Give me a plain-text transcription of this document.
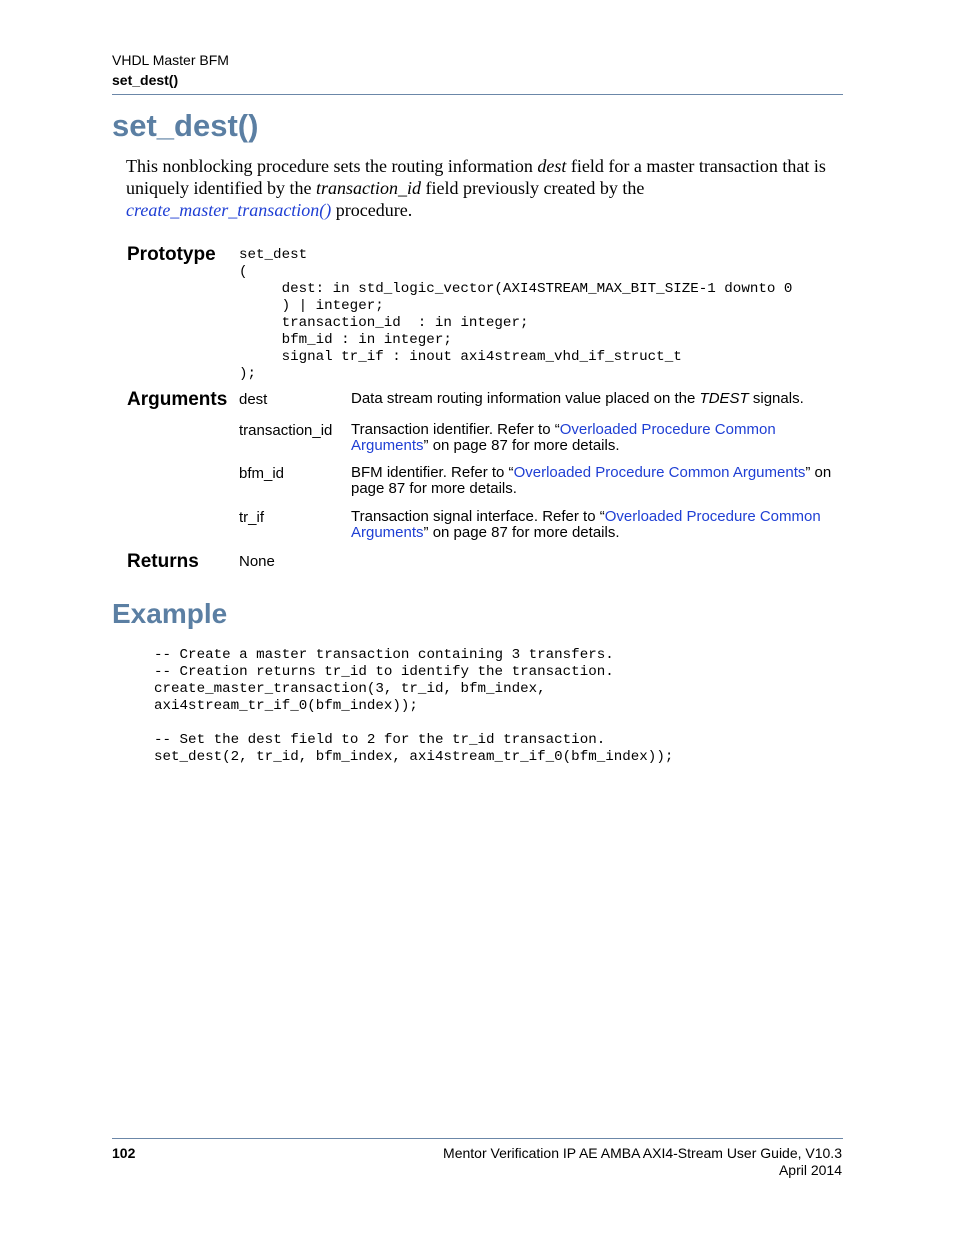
VHDL Master BFM
set_dest()
set_dest()

This nonblocking procedure sets the routing information dest field for a master transaction that is uniquely identified by the transaction_id field previously created by the
create_master_transaction() procedure.

Prototype set_dest
(
dest: in std_logic_vector(AXI4STREAM_MAX_BIT_SIZE-1 downto 0
) | integer;
transaction_id  : in integer;
bfm_id : in integer;
signal tr_if : inout axi4stream_vhd_if_struct_t
);
Arguments dest	Data stream routing information value placed on the TDEST signals.
transaction_id Transaction identifier. Refer to “Overloaded Procedure Common Arguments” on page 87 for more details.
bfm_id	BFM identifier. Refer to “Overloaded Procedure Common Arguments” on page 87 for more details.
tr_if	Transaction signal interface. Refer to “Overloaded Procedure Common Arguments” on page 87 for more details.
Returns	None
Example
-- Create a master transaction containing 3 transfers.
-- Creation returns tr_id to identify the transaction.
create_master_transaction(3, tr_id, bfm_index,
axi4stream_tr_if_0(bfm_index));

-- Set the dest field to 2 for the tr_id transaction.
set_dest(2, tr_id, bfm_index, axi4stream_tr_if_0(bfm_index));
102	Mentor Verification IP AE AMBA AXI4-Stream User Guide, V10.3
April 2014
